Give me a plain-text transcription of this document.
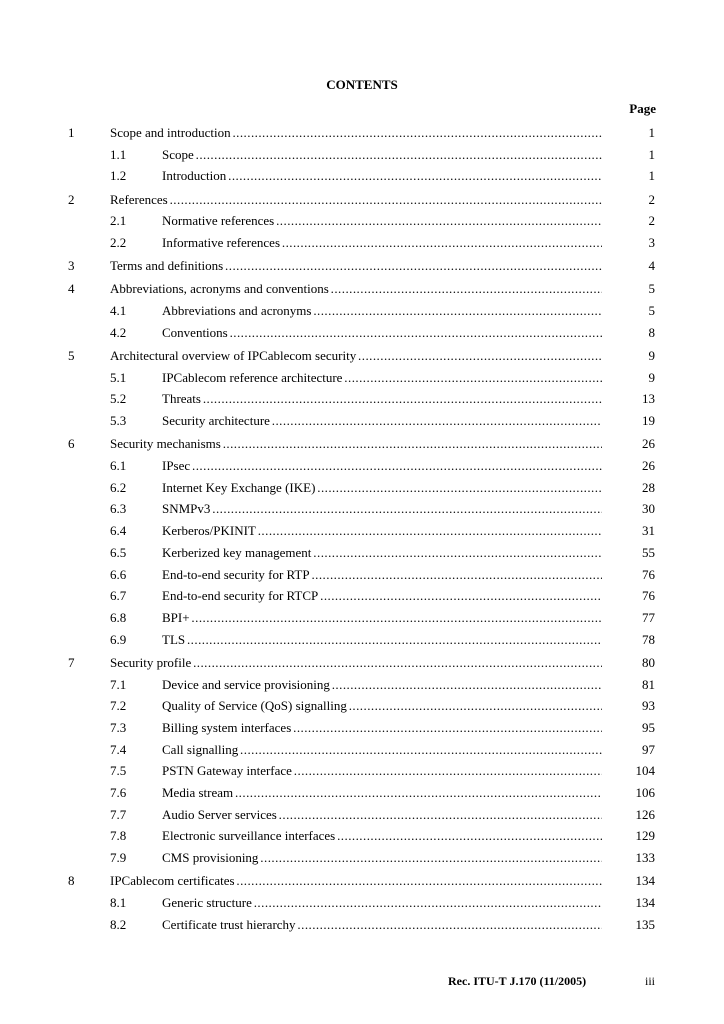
CONTENTS
Page
1	Scope and introduction . . .	1
1.1	Scope . . .	1
1.2	Introduction . . .	1
2	References . . .	2
2.1	Normative references . . .	2
2.2	Informative references . . .	3
3	Terms and definitions . . .	4
4	Abbreviations, acronyms and conventions . . .	5
4.1	Abbreviations and acronyms . . .	5
4.2	Conventions . . .	8
5	Architectural overview of IPCablecom security . . .	9
5.1	IPCablecom reference architecture . . .	9
5.2	Threats . . .	13
5.3	Security architecture . . .	19
6	Security mechanisms . . .	26
6.1	IPsec . . .	26
6.2	Internet Key Exchange (IKE) . . .	28
6.3	SNMPv3 . . .	30
6.4	Kerberos/PKINIT . . .	31
6.5	Kerberized key management . . .	55
6.6	End-to-end security for RTP . . .	76
6.7	End-to-end security for RTCP . . .	76
6.8	BPI+ . . .	77
6.9	TLS . . .	78
7	Security profile . . .	80
7.1	Device and service provisioning . . .	81
7.2	Quality of Service (QoS) signalling . . .	93
7.3	Billing system interfaces . . .	95
7.4	Call signalling . . .	97
7.5	PSTN Gateway interface . . .	104
7.6	Media stream . . .	106
7.7	Audio Server services . . .	126
7.8	Electronic surveillance interfaces . . .	129
7.9	CMS provisioning . . .	133
8	IPCablecom certificates . . .	134
8.1	Generic structure . . .	134
8.2	Certificate trust hierarchy . . .	135
Rec. ITU-T J.170 (11/2005)	iii
